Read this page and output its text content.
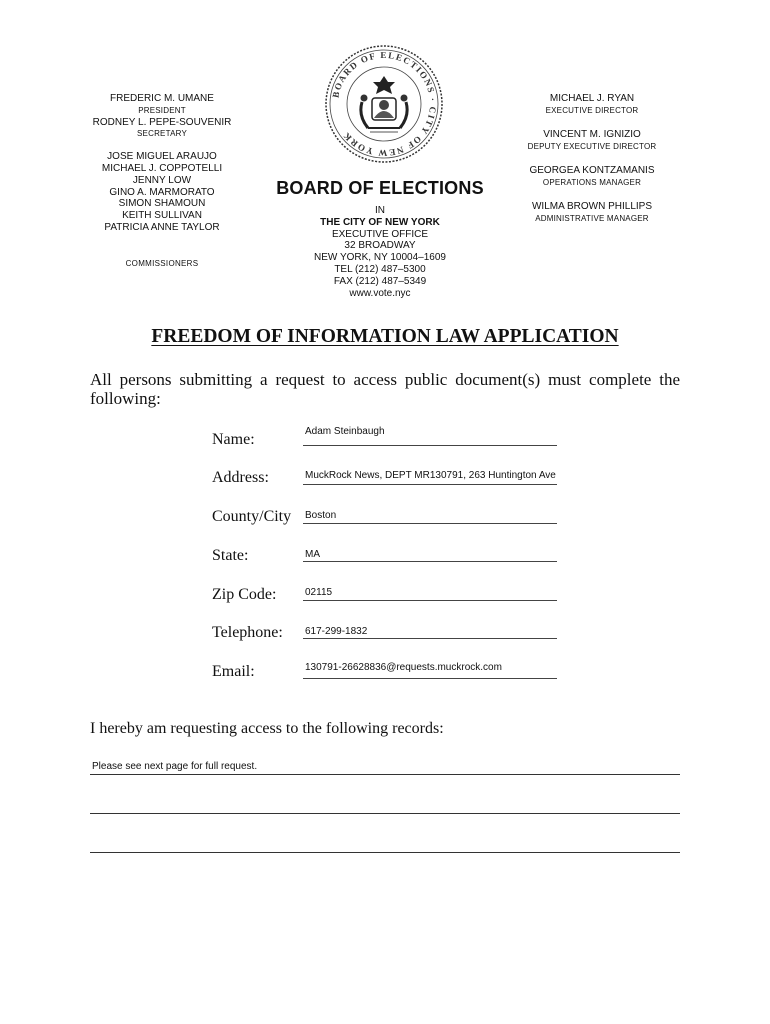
BOARD OF ELECTIONS · CITY OF NEW YORK
FREDERIC M. UMANE
PRESIDENT
RODNEY L. PEPE-SOUVENIR
SECRETARY
JOSE MIGUEL ARAUJO
MICHAEL J. COPPOTELLI
JENNY LOW
GINO A. MARMORATO
SIMON SHAMOUN
KEITH SULLIVAN
PATRICIA ANNE TAYLOR
COMMISSIONERS
BOARD OF ELECTIONS
IN
THE CITY OF NEW YORK
EXECUTIVE OFFICE
32 BROADWAY
NEW YORK, NY 10004–1609
TEL (212) 487–5300
FAX (212) 487–5349
www.vote.nyc
MICHAEL J. RYAN
EXECUTIVE DIRECTOR
VINCENT M. IGNIZIO
DEPUTY EXECUTIVE DIRECTOR
GEORGEA KONTZAMANIS
OPERATIONS MANAGER
WILMA BROWN PHILLIPS
ADMINISTRATIVE MANAGER
FREEDOM OF INFORMATION LAW APPLICATION
All persons submitting a request to access public document(s) must complete the following:
Name:	Adam Steinbaugh
Address:	MuckRock News, DEPT MR130791, 263 Huntington Ave
County/City Boston
State:	MA
Zip Code:	02115
Telephone: 617-299-1832
Email:	130791-26628836@requests.muckrock.com
I hereby am requesting access to the following records:
Please see next page for full request.
